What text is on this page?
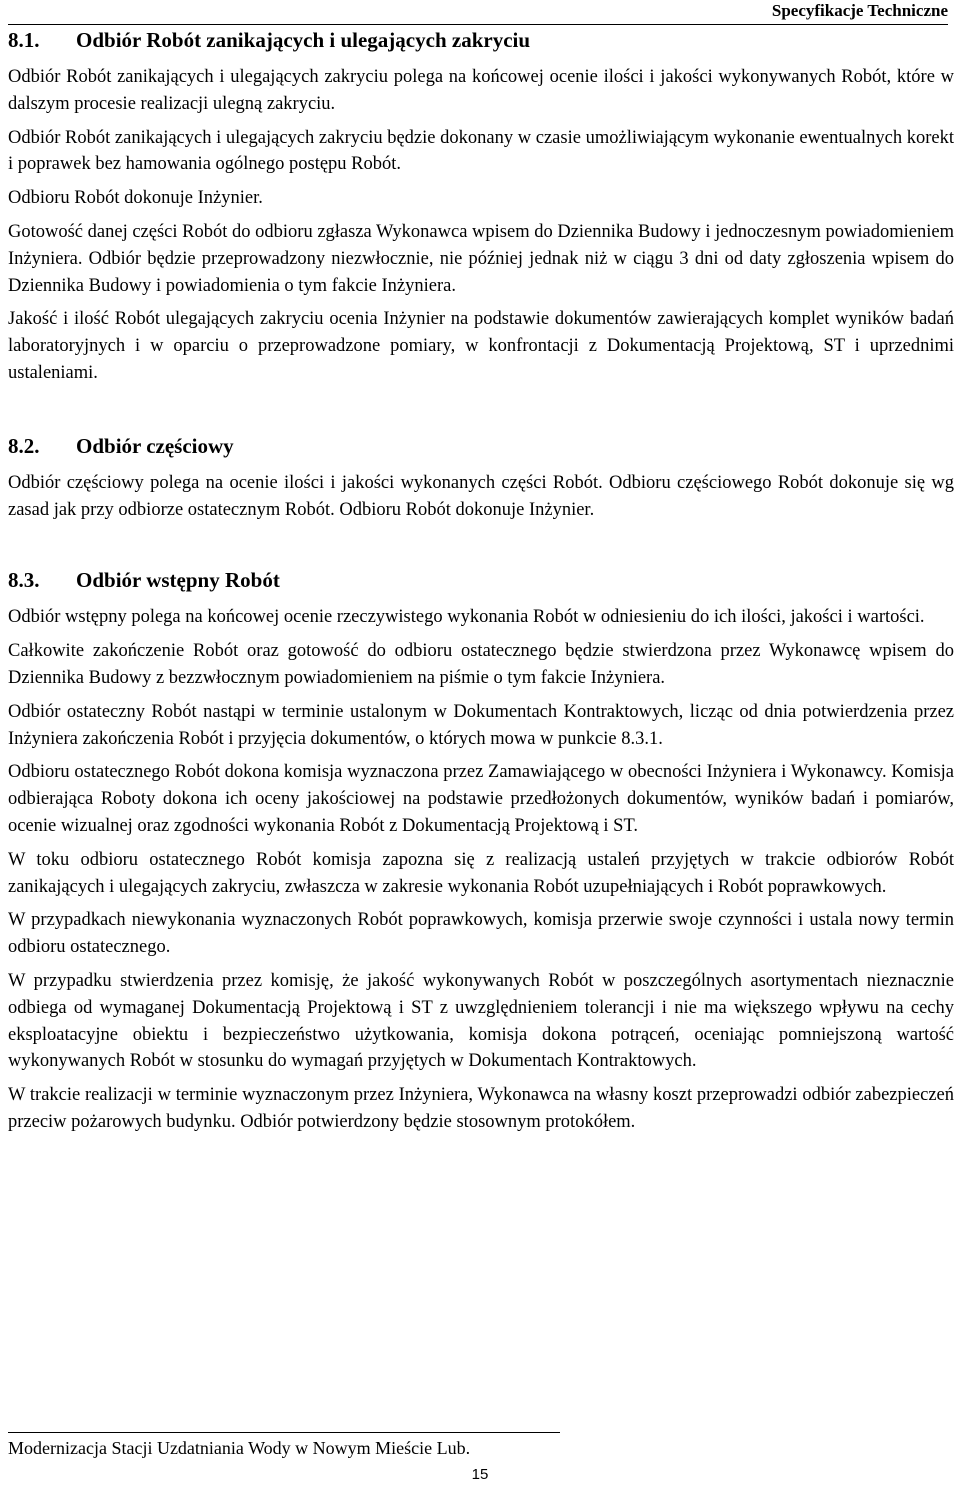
Specyfikacje Techniczne
8.1.	Odbiór Robót zanikających i ulegających zakryciu

Odbiór Robót zanikających i ulegających zakryciu polega na końcowej ocenie ilości i jakości wykonywanych Robót, które w dalszym procesie realizacji ulegną zakryciu.

Odbiór Robót zanikających i ulegających zakryciu będzie dokonany w czasie umożliwiającym wykonanie ewentualnych korekt i poprawek bez hamowania ogólnego postępu Robót.

Odbioru Robót dokonuje Inżynier.

Gotowość danej części Robót do odbioru zgłasza Wykonawca wpisem do Dziennika Budowy i jednoczesnym powiadomieniem Inżyniera. Odbiór będzie przeprowadzony niezwłocznie, nie później jednak niż w ciągu 3 dni od daty zgłoszenia wpisem do Dziennika Budowy i powiadomienia o tym fakcie Inżyniera.

Jakość i ilość Robót ulegających zakryciu ocenia Inżynier na podstawie dokumentów zawierających komplet wyników badań laboratoryjnych i w oparciu o przeprowadzone pomiary, w konfrontacji z Dokumentacją Projektową, ST i uprzednimi ustaleniami.

8.2.	Odbiór częściowy

Odbiór częściowy polega na ocenie ilości i jakości wykonanych części Robót. Odbioru częściowego Robót dokonuje się wg zasad jak przy odbiorze ostatecznym Robót. Odbioru Robót dokonuje Inżynier.

8.3.	Odbiór wstępny Robót

Odbiór wstępny polega na końcowej ocenie rzeczywistego wykonania Robót w odniesieniu do ich ilości, jakości i wartości.

Całkowite zakończenie Robót oraz gotowość do odbioru ostatecznego będzie stwierdzona przez Wykonawcę wpisem do Dziennika Budowy z bezzwłocznym powiadomieniem na piśmie o tym fakcie Inżyniera.

Odbiór ostateczny Robót nastąpi w terminie ustalonym w Dokumentach Kontraktowych, licząc od dnia potwierdzenia przez Inżyniera zakończenia Robót i przyjęcia dokumentów, o których mowa w punkcie 8.3.1.

Odbioru ostatecznego Robót dokona komisja wyznaczona przez Zamawiającego w obecności Inżyniera i Wykonawcy. Komisja odbierająca Roboty dokona ich oceny jakościowej na podstawie przedłożonych dokumentów, wyników badań i pomiarów, ocenie wizualnej oraz zgodności wykonania Robót z Dokumentacją Projektową i ST.

W toku odbioru ostatecznego Robót komisja zapozna się z realizacją ustaleń przyjętych w trakcie odbiorów Robót zanikających i ulegających zakryciu, zwłaszcza w zakresie wykonania Robót uzupełniających i Robót poprawkowych.

W przypadkach niewykonania wyznaczonych Robót poprawkowych, komisja przerwie swoje czynności i ustala nowy termin odbioru ostatecznego.

W przypadku stwierdzenia przez komisję, że jakość wykonywanych Robót w poszczególnych asortymentach nieznacznie odbiega od wymaganej Dokumentacją Projektową i ST z uwzględnieniem tolerancji i nie ma większego wpływu na cechy eksploatacyjne obiektu i bezpieczeństwo użytkowania, komisja dokona potrąceń, oceniając pomniejszoną wartość wykonywanych Robót w stosunku do wymagań przyjętych w Dokumentach Kontraktowych.

W trakcie realizacji w terminie wyznaczonym przez Inżyniera, Wykonawca na własny koszt przeprowadzi odbiór zabezpieczeń przeciw pożarowych budynku. Odbiór potwierdzony będzie stosownym protokółem.

Modernizacja Stacji Uzdatniania Wody w Nowym Mieście Lub.
15
